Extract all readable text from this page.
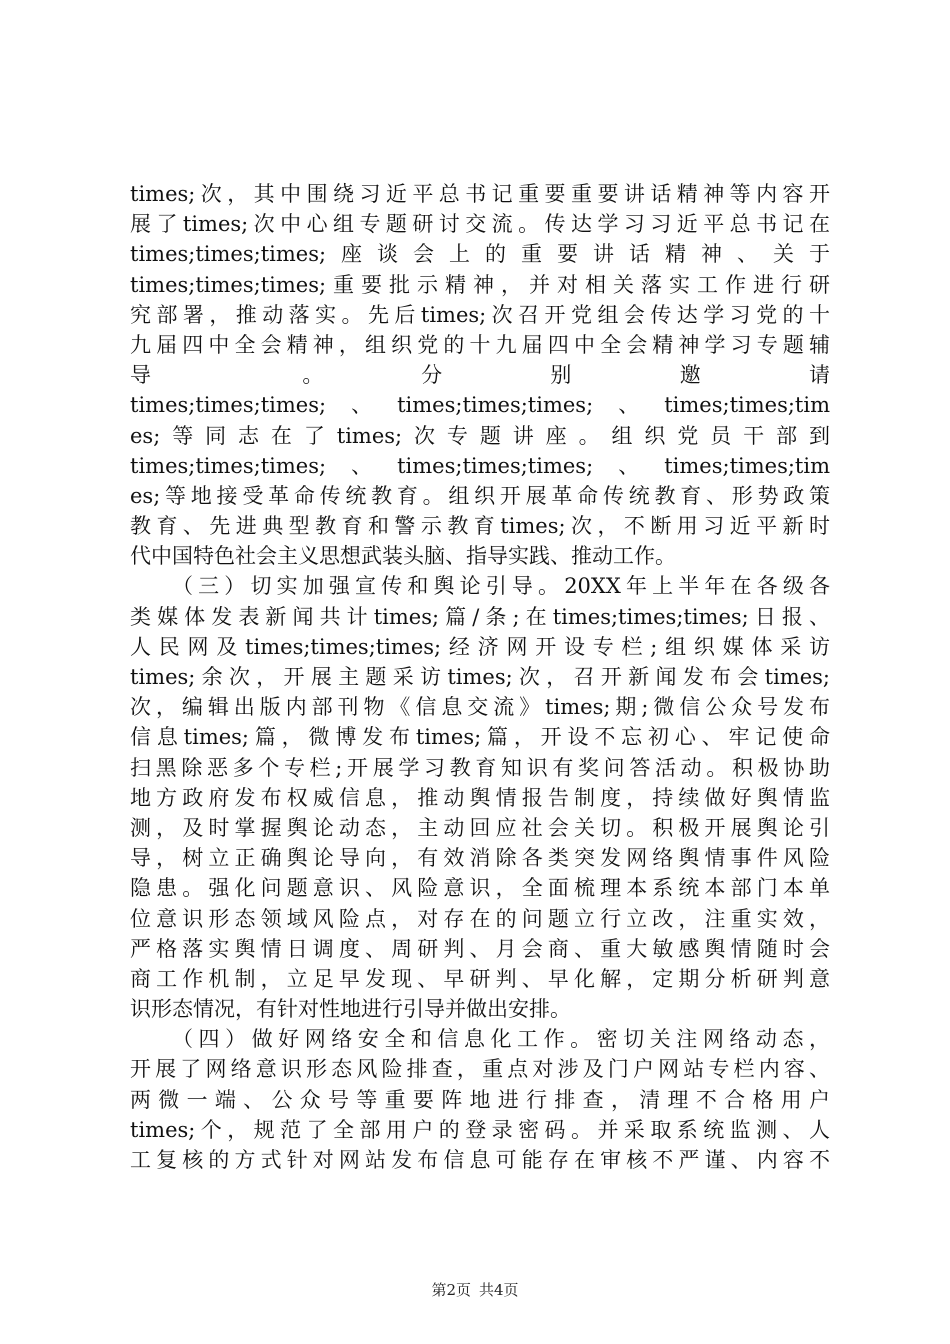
times;次，其中围绕习近平总书记重要重要讲话精神等内容开
展了times;次中心组专题研讨交流。传达学习习近平总书记在
times;times;times;座谈会上的重要讲话精神、关于
times;times;times;重要批示精神，并对相关落实工作进行研
究部署，推动落实。先后times;次召开党组会传达学习党的十
九届四中全会精神，组织党的十九届四中全会精神学习专题辅
导　　　。　　分　　别　　邀　　请
times;times;times;、times;times;times;、times;times;tim
es;等同志在了times;次专题讲座。组织党员干部到
times;times;times;、times;times;times;、times;times;tim
es;等地接受革命传统教育。组织开展革命传统教育、形势政策
教育、先进典型教育和警示教育times;次，不断用习近平新时
代中国特色社会主义思想武装头脑、指导实践、推动工作。
（三）切实加强宣传和舆论引导。20XX年上半年在各级各
类媒体发表新闻共计times;篇/条;在times;times;times;日报、
人民网及times;times;times;经济网开设专栏;组织媒体采访
times;余次，开展主题采访times;次，召开新闻发布会times;
次，编辑出版内部刊物《信息交流》times;期;微信公众号发布
信息times;篇，微博发布times;篇，开设不忘初心、牢记使命
扫黑除恶多个专栏;开展学习教育知识有奖问答活动。积极协助
地方政府发布权威信息，推动舆情报告制度，持续做好舆情监
测，及时掌握舆论动态，主动回应社会关切。积极开展舆论引
导，树立正确舆论导向，有效消除各类突发网络舆情事件风险
隐患。强化问题意识、风险意识，全面梳理本系统本部门本单
位意识形态领域风险点，对存在的问题立行立改，注重实效，
严格落实舆情日调度、周研判、月会商、重大敏感舆情随时会
商工作机制，立足早发现、早研判、早化解，定期分析研判意
识形态情况，有针对性地进行引导并做出安排。
（四）做好网络安全和信息化工作。密切关注网络动态，
开展了网络意识形态风险排查，重点对涉及门户网站专栏内容、
两微一端、公众号等重要阵地进行排查，清理不合格用户
times;个，规范了全部用户的登录密码。并采取系统监测、人
工复核的方式针对网站发布信息可能存在审核不严谨、内容不
第2页 共4页
